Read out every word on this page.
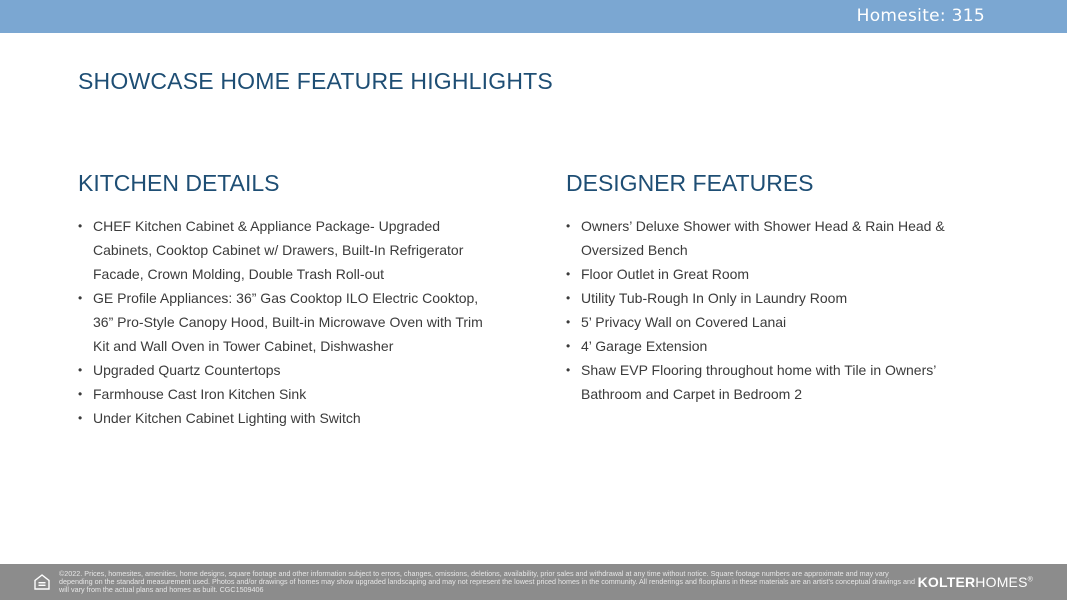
Homesite: 315
SHOWCASE HOME FEATURE HIGHLIGHTS
KITCHEN DETAILS	DESIGNER FEATURES
• CHEF Kitchen Cabinet & Appliance Package- Upgraded Cabinets, Cooktop Cabinet w/ Drawers, Built-In Refrigerator Facade, Crown Molding, Double Trash Roll-out
• GE Profile Appliances: 36” Gas Cooktop ILO Electric Cooktop, 36” Pro-Style Canopy Hood, Built-in Microwave Oven with Trim Kit and Wall Oven in Tower Cabinet, Dishwasher
• Upgraded Quartz Countertops
• Farmhouse Cast Iron Kitchen Sink
• Under Kitchen Cabinet Lighting with Switch
• Owners’ Deluxe Shower with Shower Head & Rain Head & Oversized Bench
• Floor Outlet in Great Room
• Utility Tub-Rough In Only in Laundry Room
• 5’ Privacy Wall on Covered Lanai
• 4’ Garage Extension
• Shaw EVP Flooring throughout home with Tile in Owners’ Bathroom and Carpet in Bedroom 2
©2022. Prices, homesites, amenities, home designs, square footage and other information subject to errors, changes, omissions, deletions, availability, prior sales and withdrawal at any time without notice. Square footage numbers are approximate and may vary depending on the standard measurement used. Photos and/or drawings of homes may show upgraded landscaping and may not represent the lowest priced homes in the community. All renderings and floorplans in these materials are an artist’s conceptual drawings and will vary from the actual plans and homes as built. CGC1509406	KOLTERHOMES®
